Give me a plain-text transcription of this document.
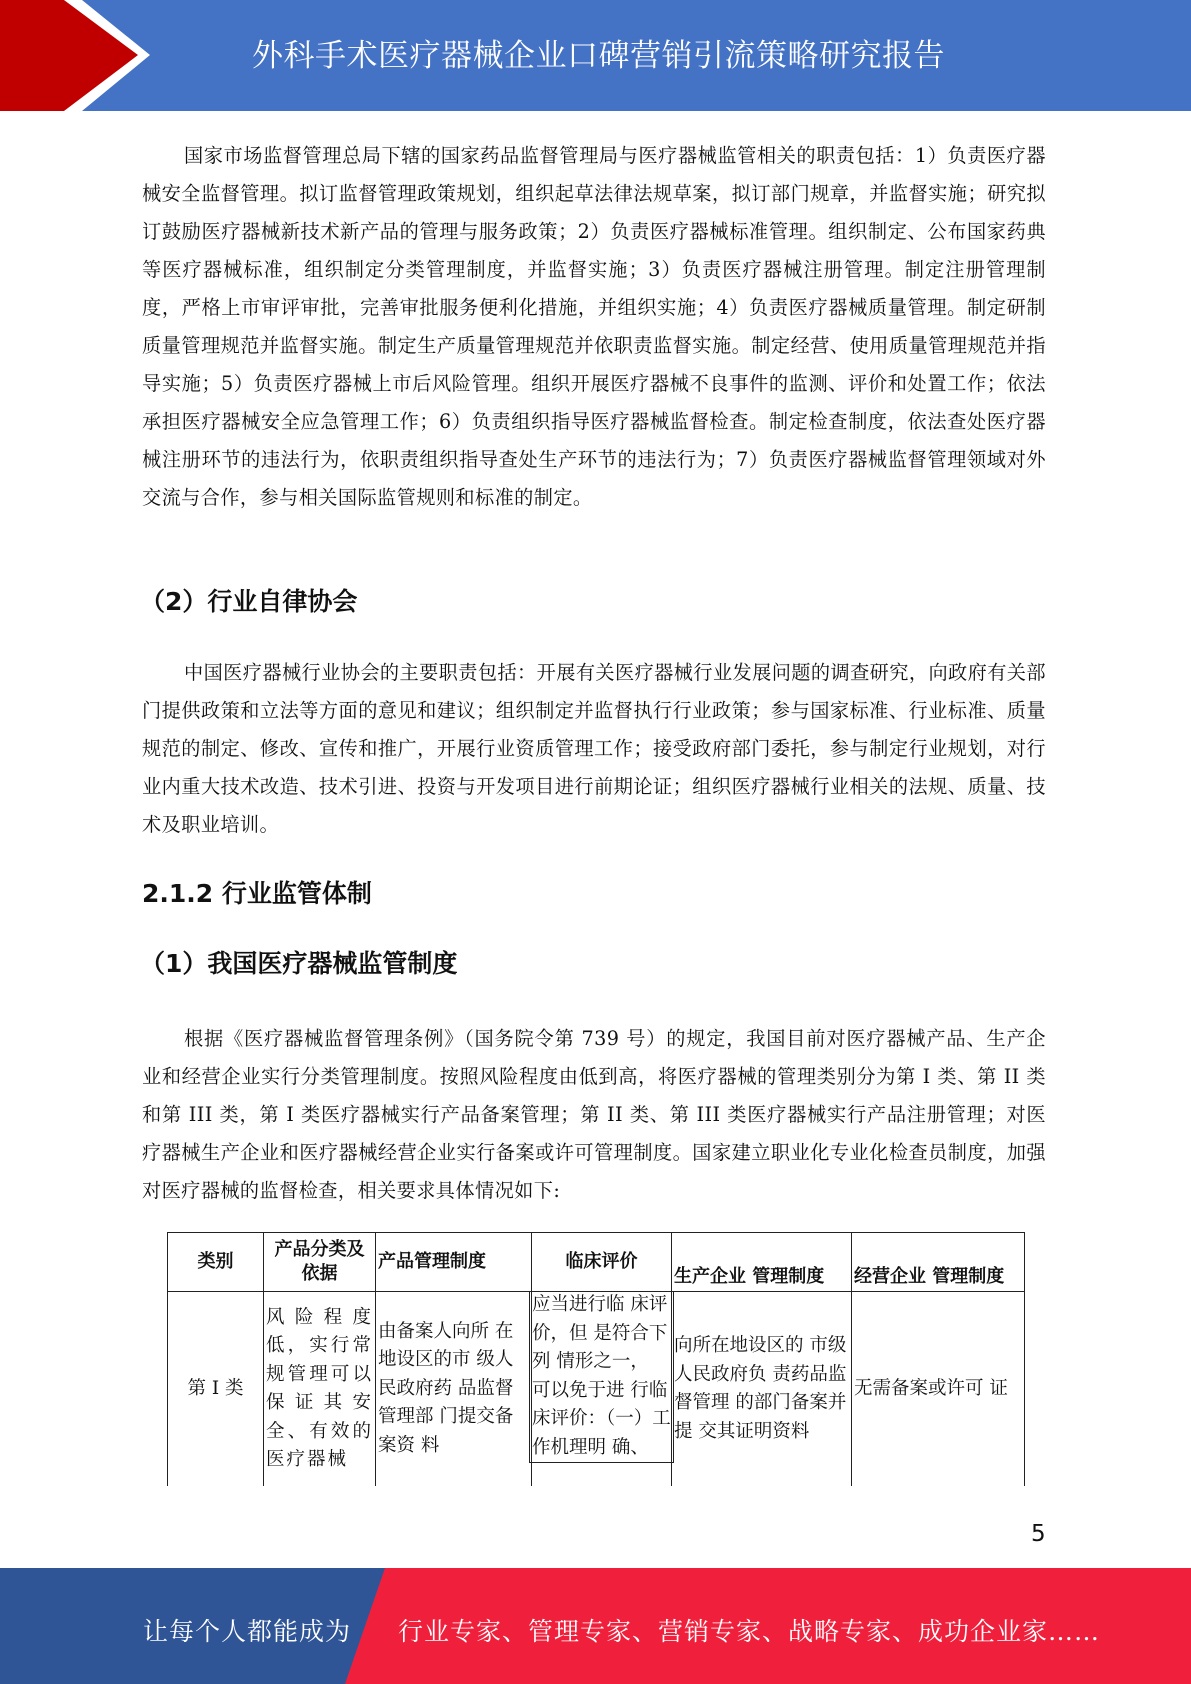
外科手术医疗器械企业口碑营销引流策略研究报告

国家市场监督管理总局下辖的国家药品监督管理局与医疗器械监管相关的职责包括：1）负责医疗器械安全监督管理。拟订监督管理政策规划，组织起草法律法规草案，拟订部门规章，并监督实施；研究拟订鼓励医疗器械新技术新产品的管理与服务政策；2）负责医疗器械标准管理。组织制定、公布国家药典等医疗器械标准，组织制定分类管理制度，并监督实施；3）负责医疗器械注册管理。制定注册管理制度，严格上市审评审批，完善审批服务便利化措施，并组织实施；4）负责医疗器械质量管理。制定研制质量管理规范并监督实施。制定生产质量管理规范并依职责监督实施。制定经营、使用质量管理规范并指导实施；5）负责医疗器械上市后风险管理。组织开展医疗器械不良事件的监测、评价和处置工作；依法承担医疗器械安全应急管理工作；6）负责组织指导医疗器械监督检查。制定检查制度，依法查处医疗器械注册环节的违法行为，依职责组织指导查处生产环节的违法行为；7）负责医疗器械监督管理领域对外交流与合作，参与相关国际监管规则和标准的制定。

（2）行业自律协会

中国医疗器械行业协会的主要职责包括：开展有关医疗器械行业发展问题的调查研究，向政府有关部门提供政策和立法等方面的意见和建议；组织制定并监督执行行业政策；参与国家标准、行业标准、质量规范的制定、修改、宣传和推广，开展行业资质管理工作；接受政府部门委托，参与制定行业规划，对行业内重大技术改造、技术引进、投资与开发项目进行前期论证；组织医疗器械行业相关的法规、质量、技术及职业培训。

2.1.2 行业监管体制
（1）我国医疗器械监管制度

根据《医疗器械监督管理条例》（国务院令第 739 号）的规定，我国目前对医疗器械产品、生产企业和经营企业实行分类管理制度。按照风险程度由低到高，将医疗器械的管理类别分为第 I 类、第 II 类和第 III 类，第 I 类医疗器械实行产品备案管理；第 II 类、第 III 类医疗器械实行产品注册管理；对医疗器械生产企业和医疗器械经营企业实行备案或许可管理制度。国家建立职业化专业化检查员制度，加强对医疗器械的监督检查，相关要求具体情况如下:

类别	产品分类及依据	产品管理制度	临床评价	生产企业 管理制度	经营企业 管理制度
第 I 类	风险程度低，实行常规管理可以保证其安全、有效的医疗器械	由备案人向所 在地设区的市 级人民政府药 品监督管理部 门提交备案资 料	应当进行临 床评价，但 是符合下列 情形之一， 可以免于进 行临床评价：（一）工作机理明 确、	向所在地设区的 市级人民政府负 责药品监督管理 的部门备案并提 交其证明资料	无需备案或许可 证
5
让每个人都能成为 行业专家、管理专家、营销专家、战略专家、成功企业家……
